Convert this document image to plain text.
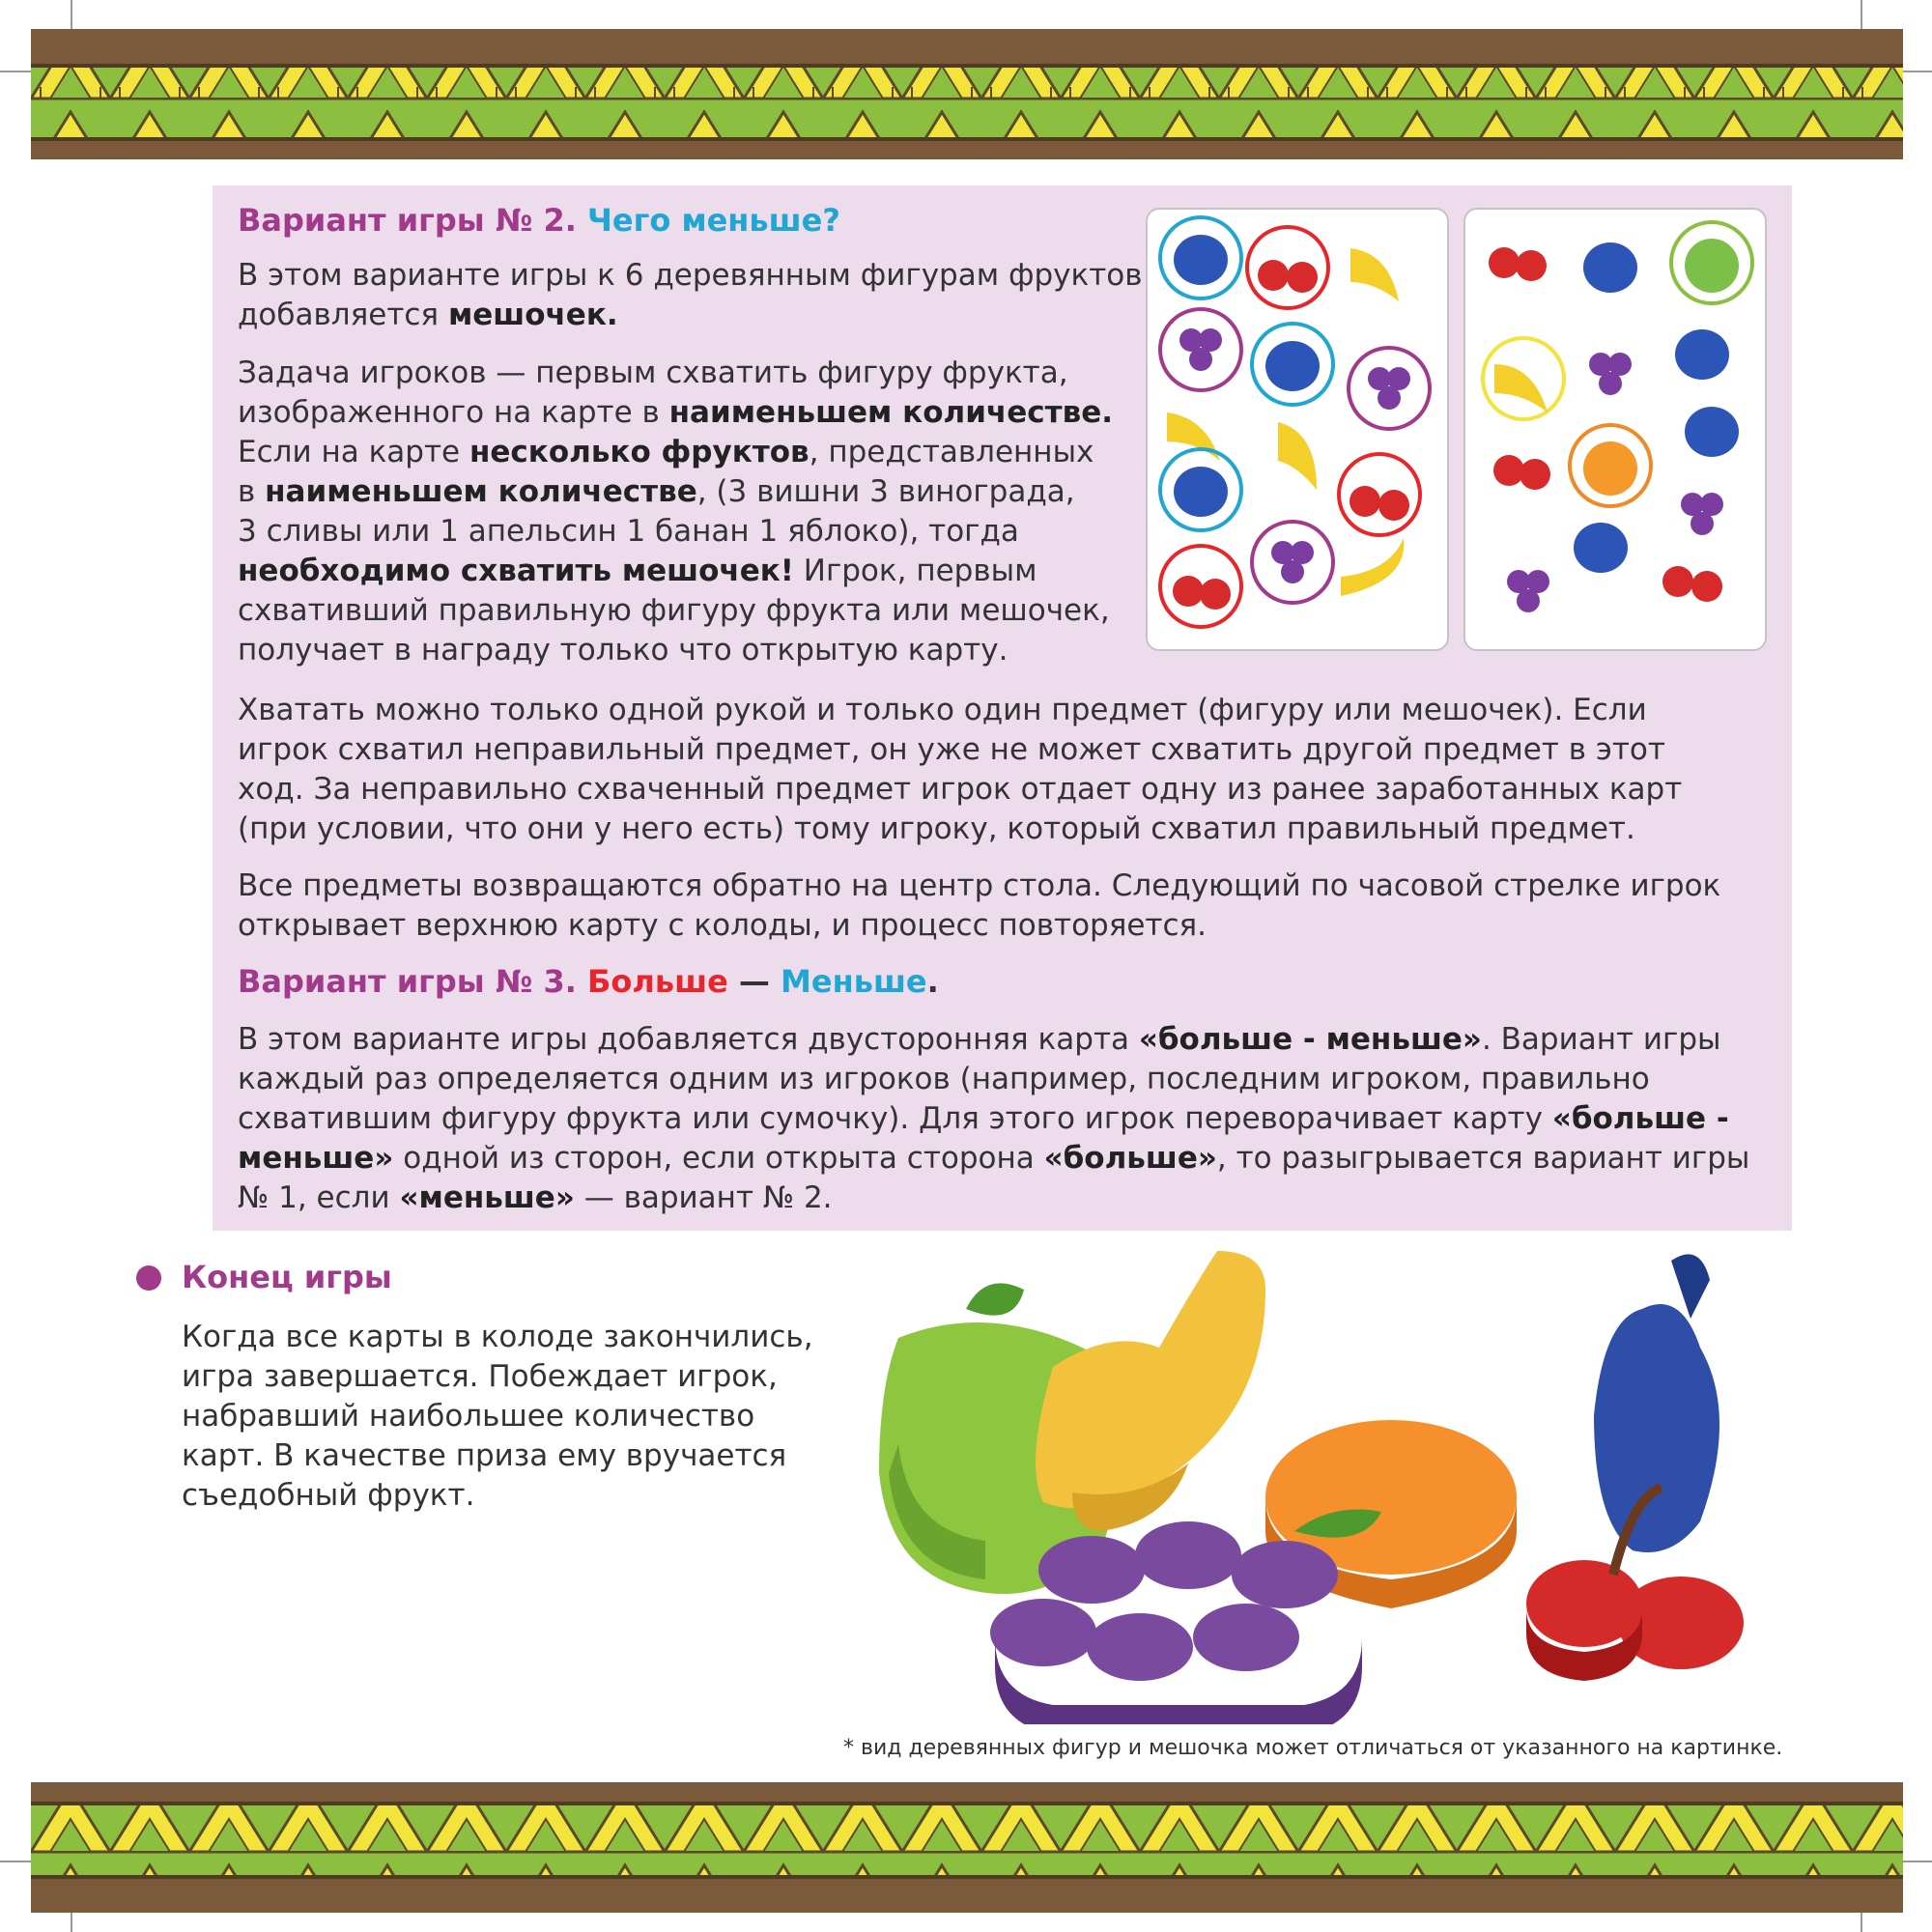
Вариант игры № 2. Чего меньше?

В этом варианте игры к 6 деревянным фигурам фруктов
добавляется мешочек.

Задача игроков — первым схватить фигуру фрукта,
изображенного на карте в наименьшем количестве.
Если на карте несколько фруктов, представленных
в наименьшем количестве, (3 вишни 3 винограда,
3 сливы или 1 апельсин 1 банан 1 яблоко), тогда
необходимо схватить мешочек! Игрок, первым
схвативший правильную фигуру фрукта или мешочек,
получает в награду только что открытую карту.

Хватать можно только одной рукой и только один предмет (фигуру или мешочек). Если
игрок схватил неправильный предмет, он уже не может схватить другой предмет в этот
ход. За неправильно схваченный предмет игрок отдает одну из ранее заработанных карт
(при условии, что они у него есть) тому игроку, который схватил правильный предмет.

Все предметы возвращаются обратно на центр стола. Следующий по часовой стрелке игрок
открывает верхнюю карту с колоды, и процесс повторяется.

Вариант игры № 3. Больше — Меньше.

В этом варианте игры добавляется двусторонняя карта «больше - меньше». Вариант игры
каждый раз определяется одним из игроков (например, последним игроком, правильно
схватившим фигуру фрукта или сумочку). Для этого игрок переворачивает карту «больше -
меньше» одной из сторон, если открыта сторона «больше», то разыгрывается вариант игры
№ 1, если «меньше» — вариант № 2.

Конец игры

Когда все карты в колоде закончились,
игра завершается. Побеждает игрок,
набравший наибольшее количество
карт. В качестве приза ему вручается
съедобный фрукт.

* вид деревянных фигур и мешочка может отличаться от указанного на картинке.
